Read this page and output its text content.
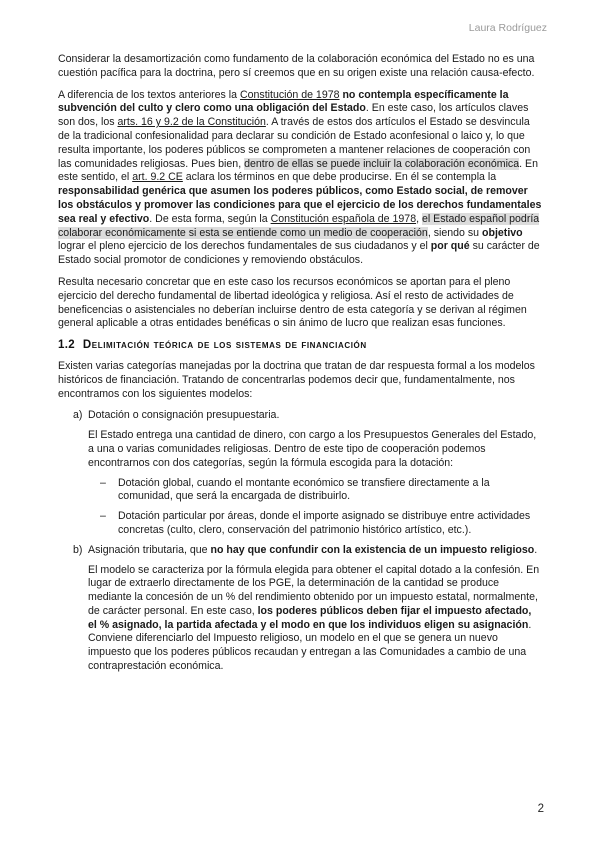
Laura Rodríguez

Considerar la desamortización como fundamento de la colaboración económica del Estado no es una cuestión pacífica para la doctrina, pero sí creemos que en su origen existe una relación causa-efecto.

A diferencia de los textos anteriores la Constitución de 1978 no contempla específicamente la subvención del culto y clero como una obligación del Estado. En este caso, los artículos claves son dos, los arts. 16 y 9.2 de la Constitución. A través de estos dos artículos el Estado se desvincula de la tradicional confesionalidad para declarar su condición de Estado aconfesional o laico y, lo que resulta importante, los poderes públicos se comprometen a mantener relaciones de cooperación con las comunidades religiosas. Pues bien, dentro de ellas se puede incluir la colaboración económica. En este sentido, el art. 9.2 CE aclara los términos en que debe producirse. En él se contempla la responsabilidad genérica que asumen los poderes públicos, como Estado social, de remover los obstáculos y promover las condiciones para que el ejercicio de los derechos fundamentales sea real y efectivo. De esta forma, según la Constitución española de 1978, el Estado español podría colaborar económicamente si esta se entiende como un medio de cooperación, siendo su objetivo lograr el pleno ejercicio de los derechos fundamentales de sus ciudadanos y el por qué su carácter de Estado social promotor de condiciones y removiendo obstáculos.

Resulta necesario concretar que en este caso los recursos económicos se aportan para el pleno ejercicio del derecho fundamental de libertad ideológica y religiosa. Así el resto de actividades de beneficencias o asistenciales no deberían incluirse dentro de esta categoría y se derivan al régimen general aplicable a otras entidades benéficas o sin ánimo de lucro que realizan esas funciones.

1.2 Delimitación teórica de los sistemas de financiación

Existen varias categorías manejadas por la doctrina que tratan de dar respuesta formal a los modelos históricos de financiación. Tratando de concentrarlas podemos decir que, fundamentalmente, nos encontramos con los siguientes modelos:

a) Dotación o consignación presupuestaria.
El Estado entrega una cantidad de dinero, con cargo a los Presupuestos Generales del Estado, a una o varias comunidades religiosas. Dentro de este tipo de cooperación podemos encontrarnos con dos categorías, según la fórmula escogida para la dotación:
– Dotación global, cuando el montante económico se transfiere directamente a la comunidad, que será la encargada de distribuirlo.
– Dotación particular por áreas, donde el importe asignado se distribuye entre actividades concretas (culto, clero, conservación del patrimonio histórico artístico, etc.).
b) Asignación tributaria, que no hay que confundir con la existencia de un impuesto religioso.
El modelo se caracteriza por la fórmula elegida para obtener el capital dotado a la confesión. En lugar de extraerlo directamente de los PGE, la determinación de la cantidad se produce mediante la concesión de un % del rendimiento obtenido por un impuesto estatal, normalmente, de carácter personal. En este caso, los poderes públicos deben fijar el impuesto afectado, el % asignado, la partida afectada y el modo en que los individuos eligen su asignación. Conviene diferenciarlo del Impuesto religioso, un modelo en el que se genera un nuevo impuesto que los poderes públicos recaudan y entregan a las Comunidades a cambio de una contraprestación económica.
2
